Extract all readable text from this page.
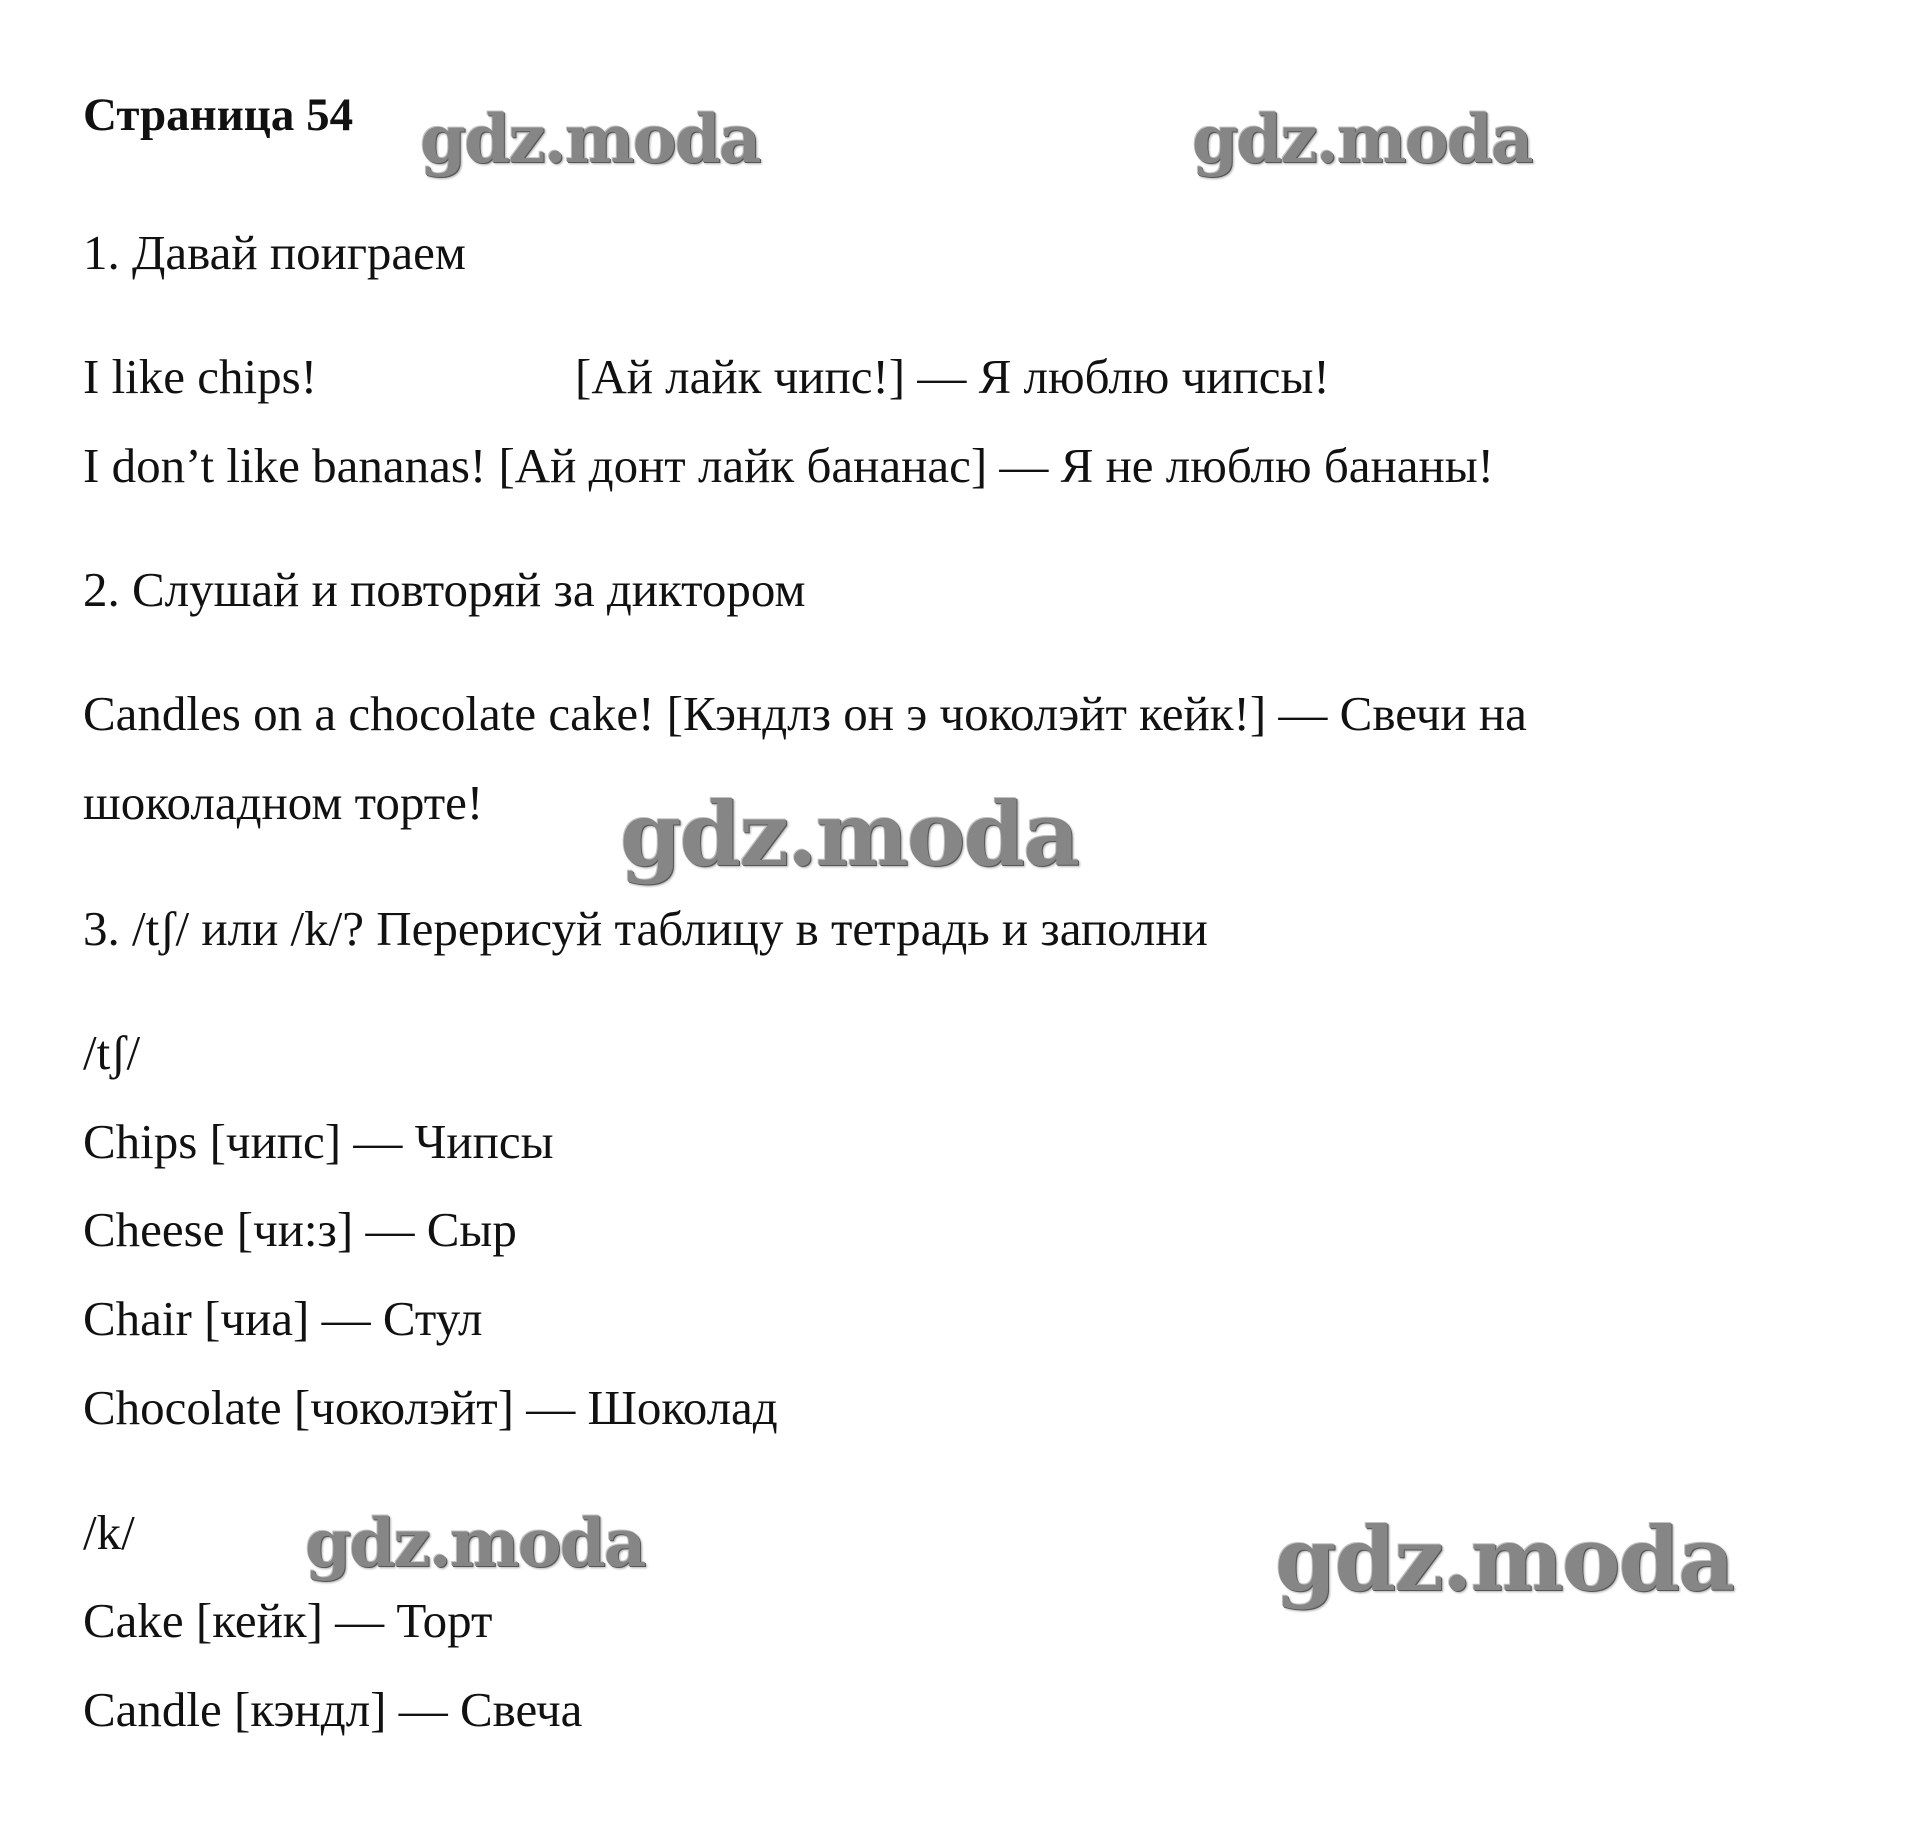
Страница 54 gdz.moda	gdz.moda
gdz.moda
gdz.moda	gdz.moda
1. Давай поиграем
I like chips!	[Ай лайк чипс!] — Я люблю чипсы!
I don’t like bananas! [Ай донт лайк бананас] — Я не люблю бананы!
2. Слушай и повторяй за диктором
Candles on a chocolate cake! [Кэндлз он э чоколэйт кейк!] — Свечи на
шоколадном торте!
3. /tʃ/ или /k/? Перерисуй таблицу в тетрадь и заполни
/tʃ/
Chips [чипс] — Чипсы
Cheese [чи:з] — Сыр
Chair [чиа] — Стул
Chocolate [чоколэйт] — Шоколад
/k/
Cake [кейк] — Торт
Candle [кэндл] — Свеча
